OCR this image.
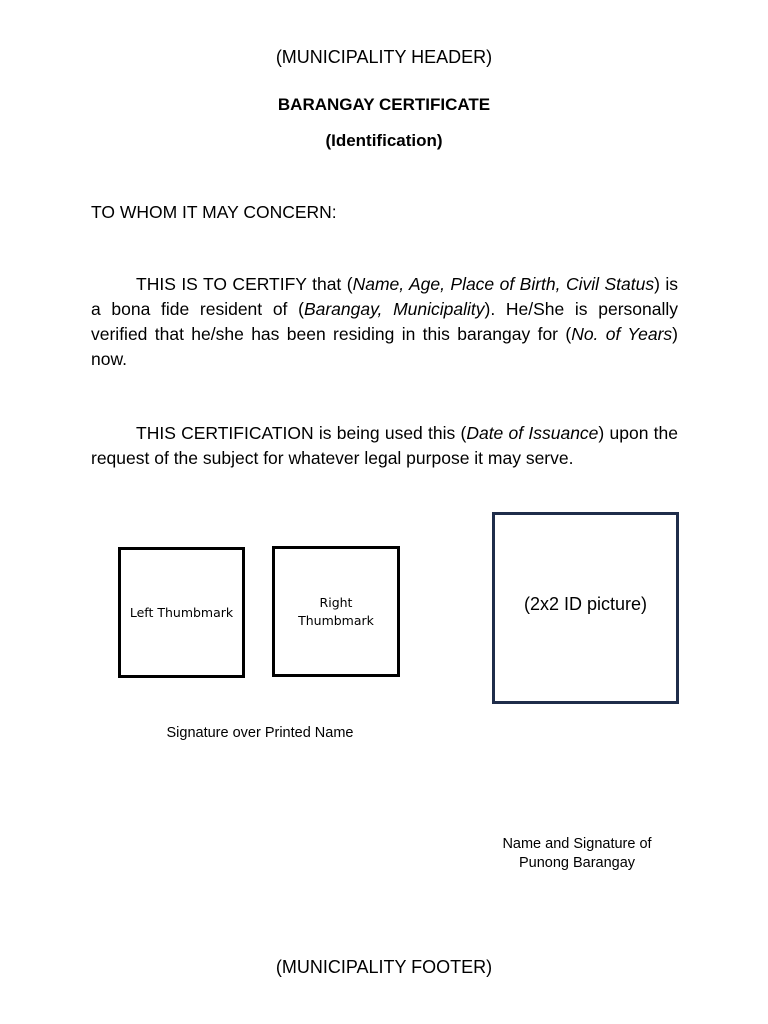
(MUNICIPALITY HEADER)
BARANGAY CERTIFICATE
(Identification)
TO WHOM IT MAY CONCERN:
THIS IS TO CERTIFY that (Name, Age, Place of Birth, Civil Status) is a bona fide resident of (Barangay, Municipality). He/She is personally verified that he/she has been residing in this barangay for (No. of Years) now.
THIS CERTIFICATION is being used this (Date of Issuance) upon the request of the subject for whatever legal purpose it may serve.
Left Thumbmark
Right
Thumbmark
(2x2 ID picture)
Signature over Printed Name
Name and Signature of
Punong Barangay
(MUNICIPALITY FOOTER)
